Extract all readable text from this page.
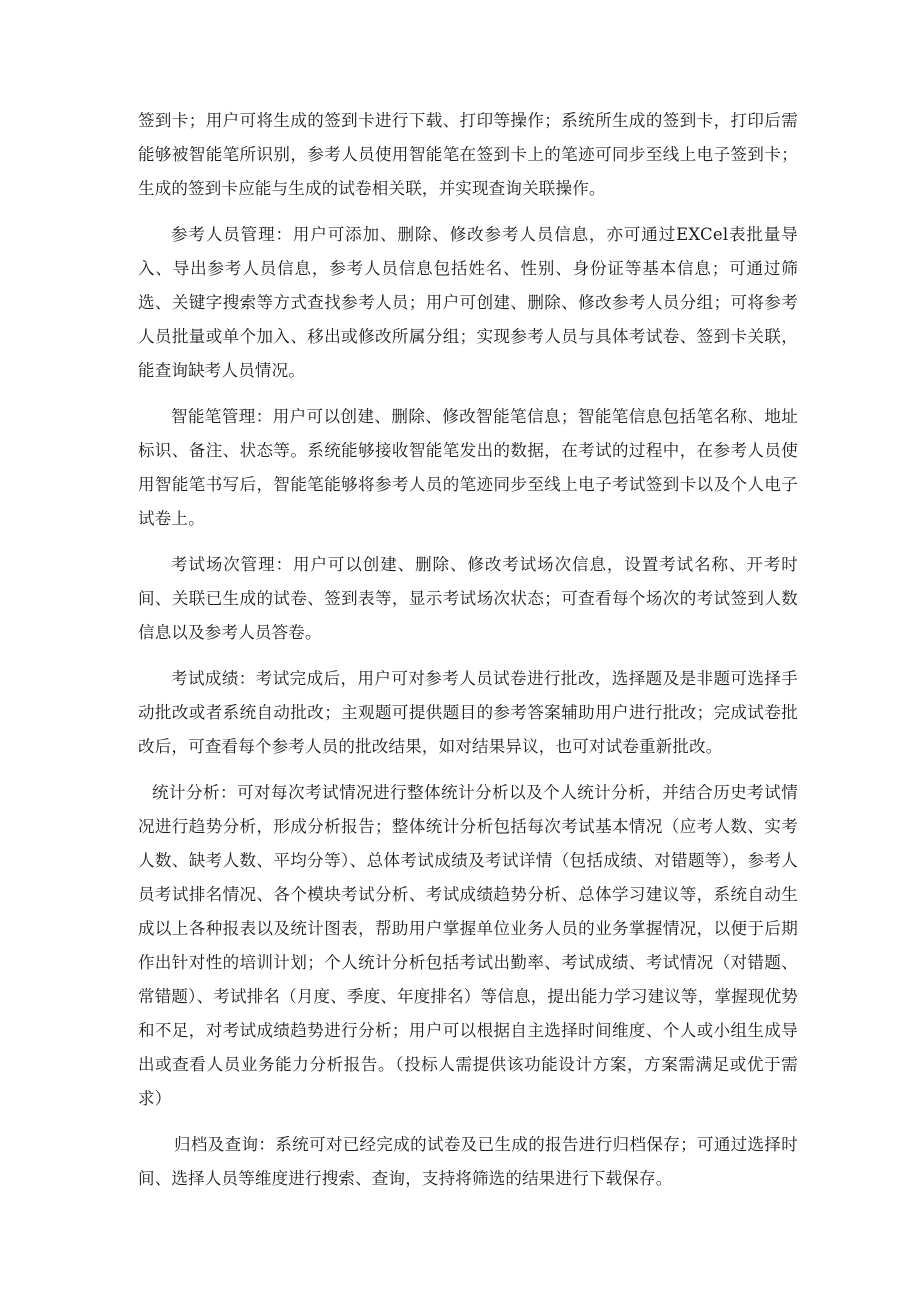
签到卡；用户可将生成的签到卡进行下载、打印等操作；系统所生成的签到卡，打印后需能够被智能笔所识别，参考人员使用智能笔在签到卡上的笔迹可同步至线上电子签到卡；生成的签到卡应能与生成的试卷相关联，并实现查询关联操作。

参考人员管理：用户可添加、删除、修改参考人员信息，亦可通过EXCel表批量导入、导出参考人员信息，参考人员信息包括姓名、性别、身份证等基本信息；可通过筛选、关键字搜索等方式查找参考人员；用户可创建、删除、修改参考人员分组；可将参考人员批量或单个加入、移出或修改所属分组；实现参考人员与具体考试卷、签到卡关联，能查询缺考人员情况。

智能笔管理：用户可以创建、删除、修改智能笔信息；智能笔信息包括笔名称、地址标识、备注、状态等。系统能够接收智能笔发出的数据，在考试的过程中，在参考人员使用智能笔书写后，智能笔能够将参考人员的笔迹同步至线上电子考试签到卡以及个人电子试卷上。

考试场次管理：用户可以创建、删除、修改考试场次信息，设置考试名称、开考时间、关联已生成的试卷、签到表等，显示考试场次状态；可查看每个场次的考试签到人数信息以及参考人员答卷。

考试成绩：考试完成后，用户可对参考人员试卷进行批改，选择题及是非题可选择手动批改或者系统自动批改；主观题可提供题目的参考答案辅助用户进行批改；完成试卷批改后，可查看每个参考人员的批改结果，如对结果异议，也可对试卷重新批改。

统计分析：可对每次考试情况进行整体统计分析以及个人统计分析，并结合历史考试情况进行趋势分析，形成分析报告；整体统计分析包括每次考试基本情况（应考人数、实考人数、缺考人数、平均分等）、总体考试成绩及考试详情（包括成绩、对错题等），参考人员考试排名情况、各个模块考试分析、考试成绩趋势分析、总体学习建议等，系统自动生成以上各种报表以及统计图表，帮助用户掌握单位业务人员的业务掌握情况，以便于后期作出针对性的培训计划；个人统计分析包括考试出勤率、考试成绩、考试情况（对错题、常错题）、考试排名（月度、季度、年度排名）等信息，提出能力学习建议等，掌握现优势和不足，对考试成绩趋势进行分析；用户可以根据自主选择时间维度、个人或小组生成导出或查看人员业务能力分析报告。（投标人需提供该功能设计方案，方案需满足或优于需求）

归档及查询：系统可对已经完成的试卷及已生成的报告进行归档保存；可通过选择时间、选择人员等维度进行搜索、查询，支持将筛选的结果进行下载保存。
